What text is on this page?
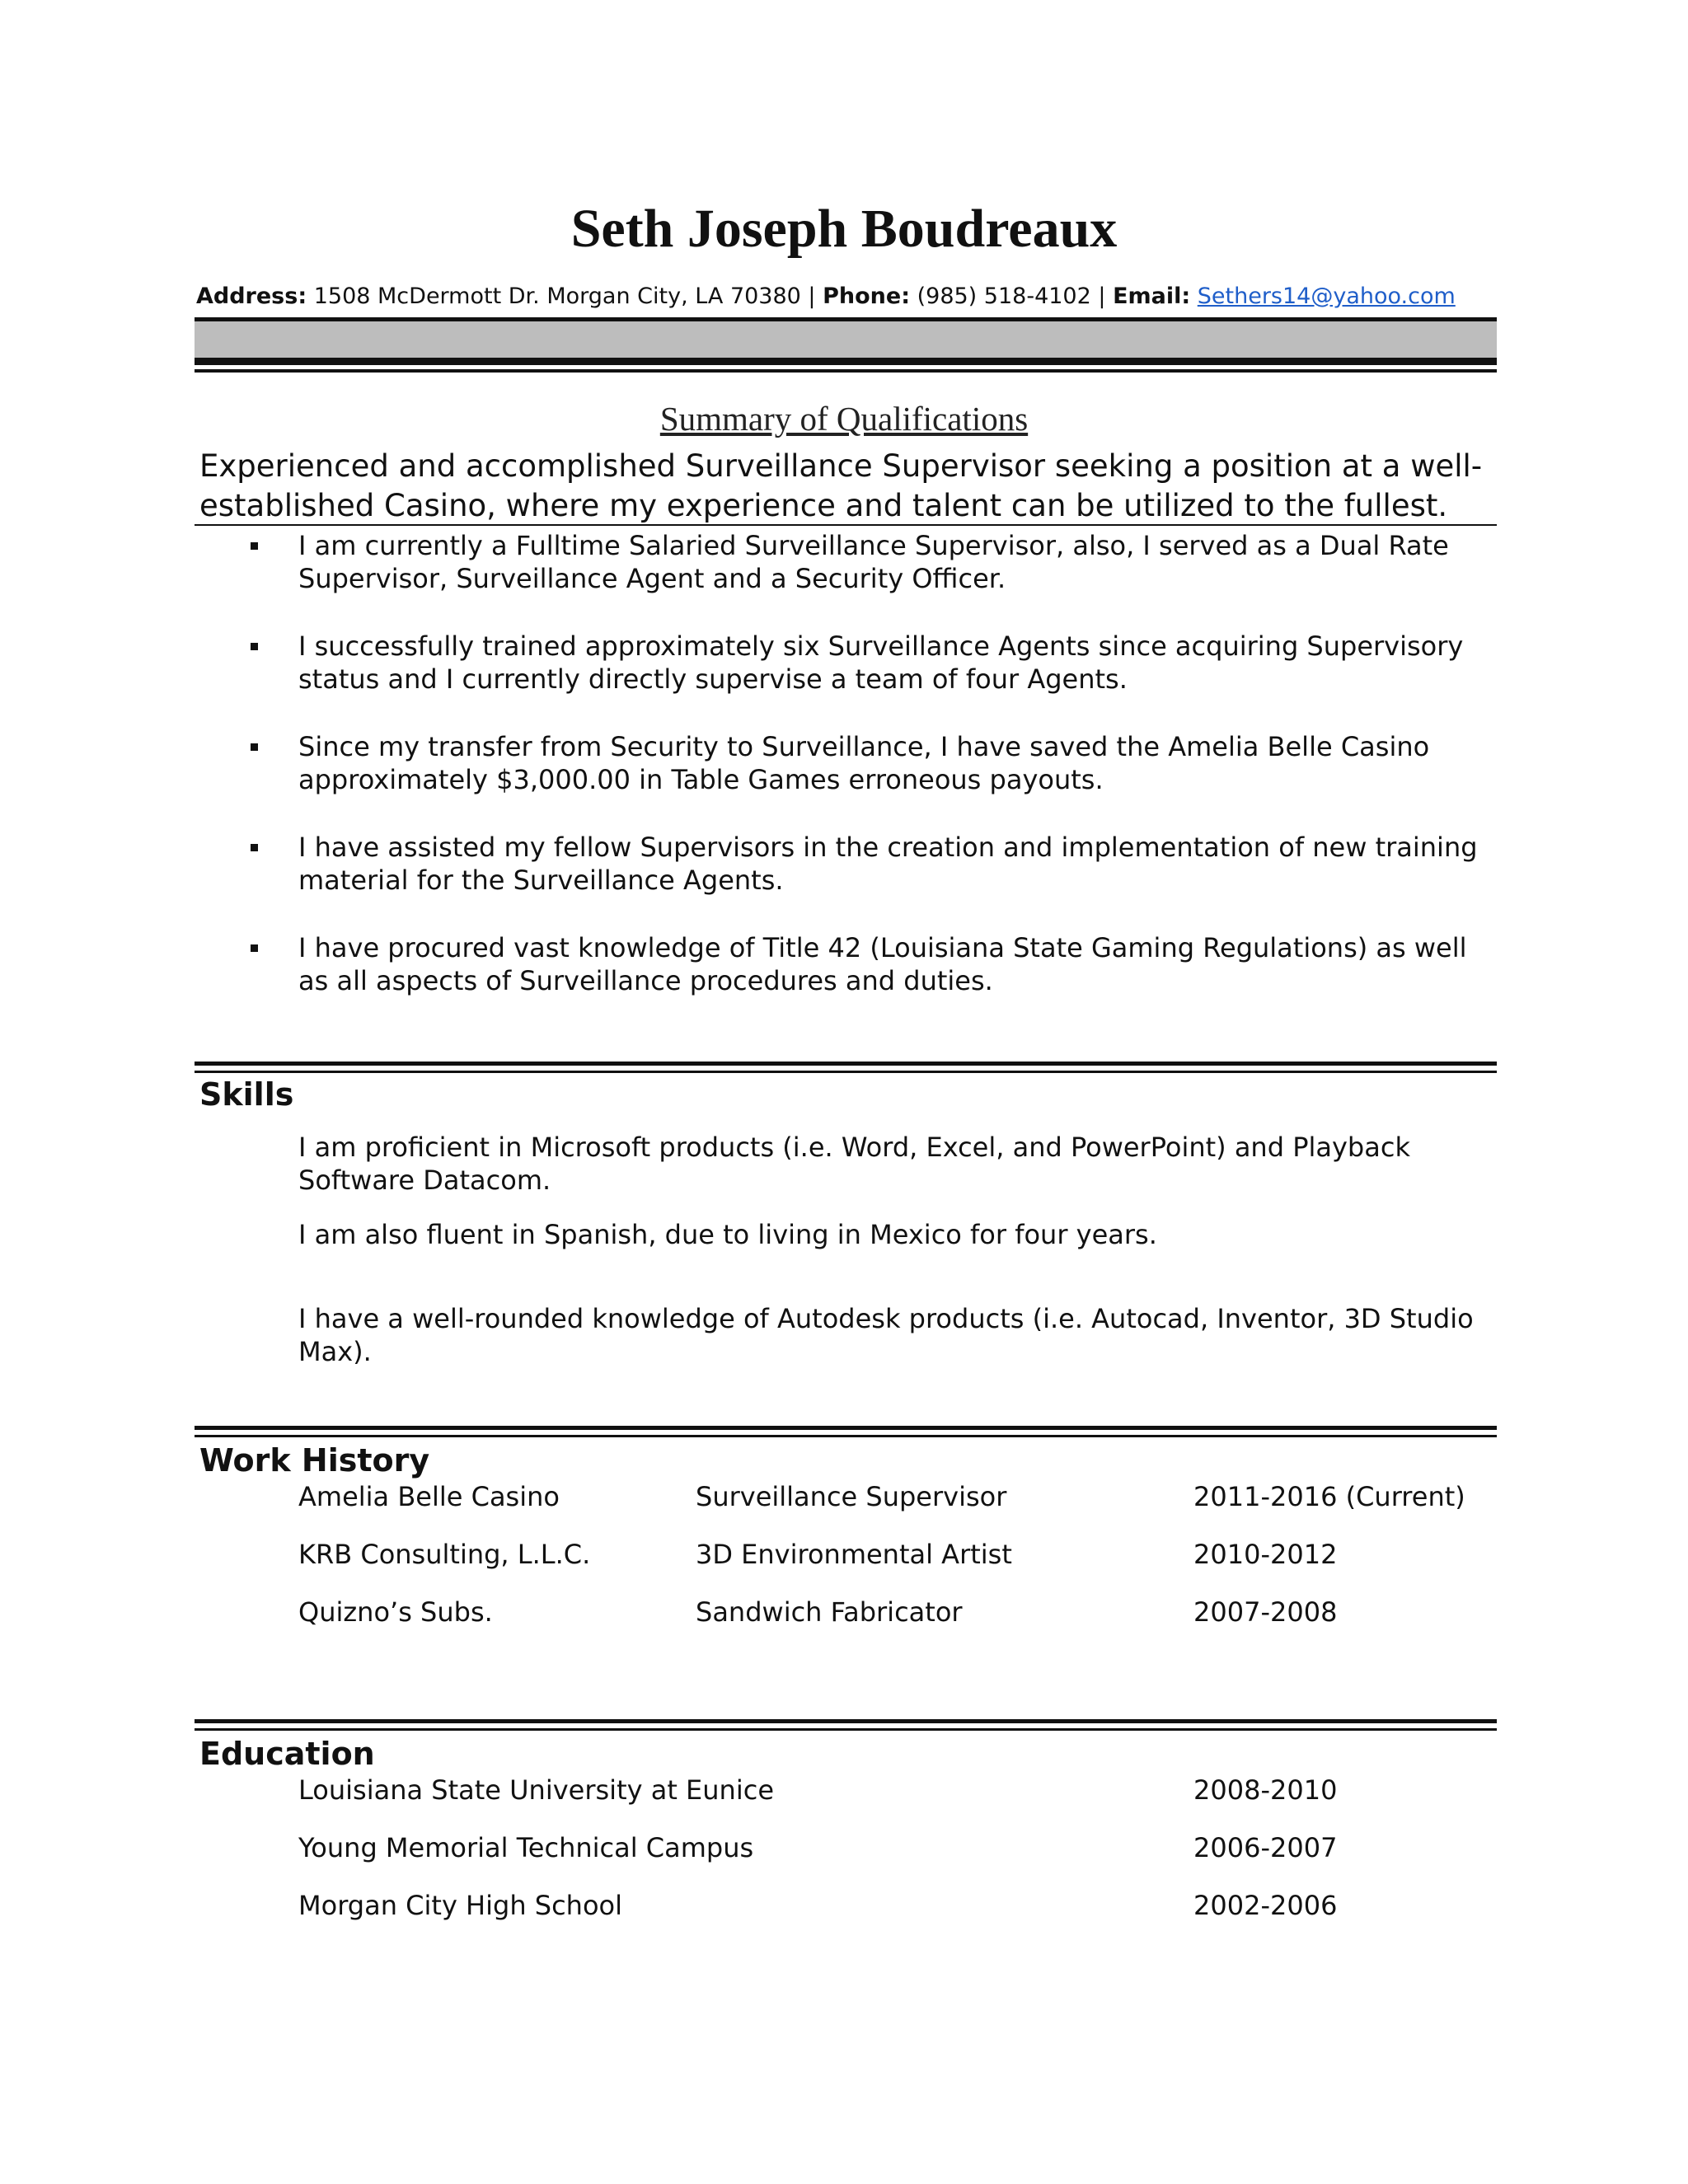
Seth Joseph Boudreaux
Address: 1508 McDermott Dr. Morgan City, LA 70380 | Phone: (985) 518-4102 | Email: Sethers14@yahoo.com
Summary of Qualifications
Experienced and accomplished Surveillance Supervisor seeking a position at a well-established Casino, where my experience and talent can be utilized to the fullest.
I am currently a Fulltime Salaried Surveillance Supervisor, also, I served as a Dual Rate Supervisor, Surveillance Agent and a Security Officer.
I successfully trained approximately six Surveillance Agents since acquiring Supervisory status and I currently directly supervise a team of four Agents.
Since my transfer from Security to Surveillance, I have saved the Amelia Belle Casino approximately $3,000.00 in Table Games erroneous payouts.
I have assisted my fellow Supervisors in the creation and implementation of new training material for the Surveillance Agents.
I have procured vast knowledge of Title 42 (Louisiana State Gaming Regulations) as well as all aspects of Surveillance procedures and duties.
Skills
I am proficient in Microsoft products (i.e. Word, Excel, and PowerPoint) and Playback Software Datacom.
I am also fluent in Spanish, due to living in Mexico for four years.
I have a well-rounded knowledge of Autodesk products (i.e. Autocad, Inventor, 3D Studio Max).
Work History
Amelia Belle Casino	Surveillance Supervisor	2011-2016 (Current)
KRB Consulting, L.L.C.	3D Environmental Artist	2010-2012
Quizno’s Subs.	Sandwich Fabricator	2007-2008
Education
Louisiana State University at Eunice	2008-2010
Young Memorial Technical Campus	2006-2007
Morgan City High School	2002-2006
